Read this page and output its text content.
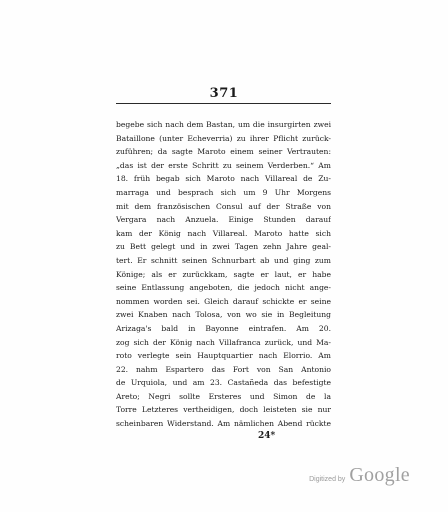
371
begebe sich nach dem Bastan, um die insurgirten zwei
Bataillone (unter Echeverria) zu ihrer Pflicht zurück-
zuführen; da sagte Maroto einem seiner Vertrauten:
„das ist der erste Schritt zu seinem Verderben.“ Am
18. früh begab sich Maroto nach Villareal de Zu-
marraga und besprach sich um 9 Uhr Morgens
mit dem französischen Consul auf der Straße von
Vergara nach Anzuela. Einige Stunden darauf
kam der König nach Villareal. Maroto hatte sich
zu Bett gelegt und in zwei Tagen zehn Jahre geal-
tert. Er schnitt seinen Schnurbart ab und ging zum
Könige; als er zurückkam, sagte er laut, er habe
seine Entlassung angeboten, die jedoch nicht ange-
nommen worden sei. Gleich darauf schickte er seine
zwei Knaben nach Tolosa, von wo sie in Begleitung
Arizaga's bald in Bayonne eintrafen. Am 20.
zog sich der König nach Villafranca zurück, und Ma-
roto verlegte sein Hauptquartier nach Elorrio. Am
22. nahm Espartero das Fort von San Antonio
de Urquiola, und am 23. Castañeda das befestigte
Areto; Negri sollte Ersteres und Simon de la
Torre Letzteres vertheidigen, doch leisteten sie nur
scheinbaren Widerstand. Am nämlichen Abend rückte
24*
Digitized by Google
